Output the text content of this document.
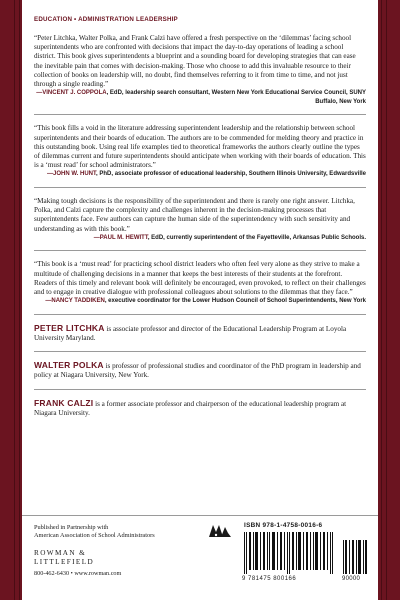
EDUCATION • ADMINISTRATION LEADERSHIP

“Peter Litchka, Walter Polka, and Frank Calzi have offered a fresh perspective on the ‘dilemmas’ facing school superintendents who are confronted with decisions that impact the day-to-day operations of leading a school district. This book gives superintendents a blueprint and a sounding board for developing strategies that can ease the inevitable pain that comes with decision-making. Those who choose to add this invaluable resource to their collection of books on leadership will, no doubt, find themselves referring to it from time to time, and not just through a single reading.”

—VINCENT J. COPPOLA, EdD, leadership search consultant, Western New York Educational Service Council, SUNY Buffalo, New York

“This book fills a void in the literature addressing superintendent leadership and the relationship between school superintendents and their boards of education. The authors are to be commended for melding theory and practice in this outstanding book. Using real life examples tied to theoretical frameworks the authors clearly outline the types of dilemmas current and future superintendents should anticipate when working with their boards of education. This is a ‘must read’ for school administrators.”

—JOHN W. HUNT, PhD, associate professor of educational leadership, Southern Illinois University, Edwardsville

“Making tough decisions is the responsibility of the superintendent and there is rarely one right answer. Litchka, Polka, and Calzi capture the complexity and challenges inherent in the decision-making processes that superintendents face. Few authors can capture the human side of the superintendency with such sensitivity and understanding as with this book.”

—PAUL M. HEWITT, EdD, currently superintendent of the Fayetteville, Arkansas Public Schools.

“This book is a ‘must read’ for practicing school district leaders who often feel very alone as they strive to make a multitude of challenging decisions in a manner that keeps the best interests of their students at the forefront. Readers of this timely and relevant book will definitely be encouraged, even provoked, to reflect on their challenges and to engage in creative dialogue with professional colleagues about solutions to the dilemmas that they face.”

—NANCY TADDIKEN, executive coordinator for the Lower Hudson Council of School Superintendents, New York

PETER LITCHKA is associate professor and director of the Educational Leadership Program at Loyola University Maryland.

WALTER POLKA is professor of professional studies and coordinator of the PhD program in leadership and policy at Niagara University, New York.

FRANK CALZI is a former associate professor and chairperson of the educational leadership program at Niagara University.

Published in Partnership with

American Association of School Administrators

ROWMAN &
LITTLEFIELD

800-462-6430 • www.rowman.com

ISBN 978-1-4758-0016-6

9 781475 800166	90000
